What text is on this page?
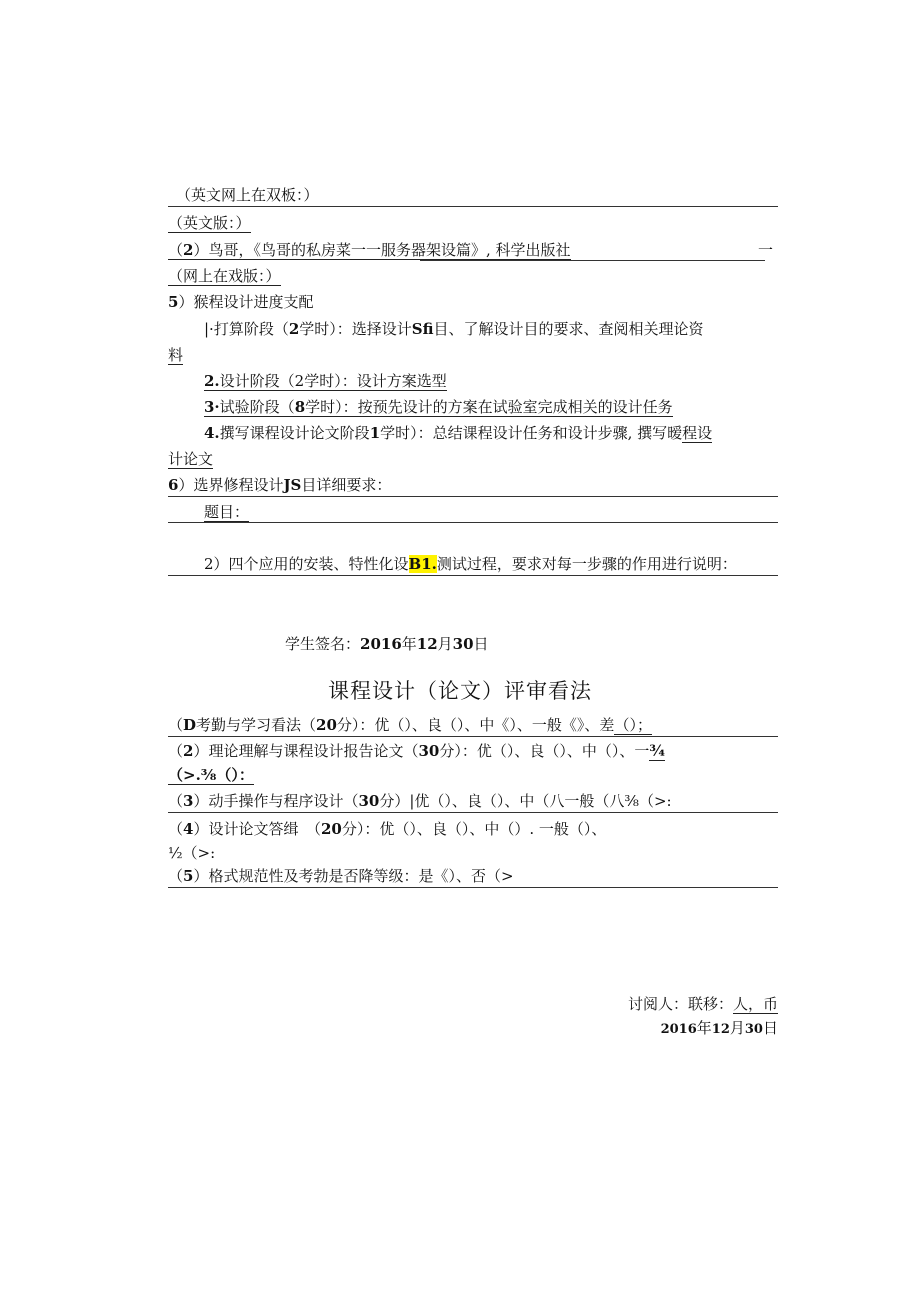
（英文网上在双板：）
（英文版：）
（2）鸟哥，《鸟哥的私房菜一一服务器架设篇》, 科学出版社	一
（网上在戏版：）
5）猴程设计进度支配
|·打算阶段（2学时）：选择设计Sfi目、了解设计目的要求、查阅相关理论资
料
2.设计阶段（2学时）：设计方案选型
3·试验阶段（8学时）：按预先设计的方案在试验室完成相关的设计任务
4.撰写课程设计论文阶段1学时）：总结课程设计任务和设计步骤, 撰写暧程设
计论文
6）选界修程设计JS目详细要求：
题目：
2）四个应用的安装、特性化设B1.测试过程，要求对每一步骤的作用进行说明：
学生签名：2016年12月30日
课程设计（论文）评审看法
（D考勤与学习看法（20分）：优（）、良（）、中《）、一般《》、差（）；
（2）理论理解与课程设计报告论文（30分）：优（）、良（）、中（）、一¾
（>.⅜（）：
（3）动手操作与程序设计（30分）|优（）、良（）、中（八一般（八⅜（>:
（4）设计论文答缉　（20分）：优（）、良（）、中（）. 一般（）、
½（>:
（5）格式规范性及考勃是否降等级：是《）、否（>
讨阅人：联移：人，币
2016年12月30日
